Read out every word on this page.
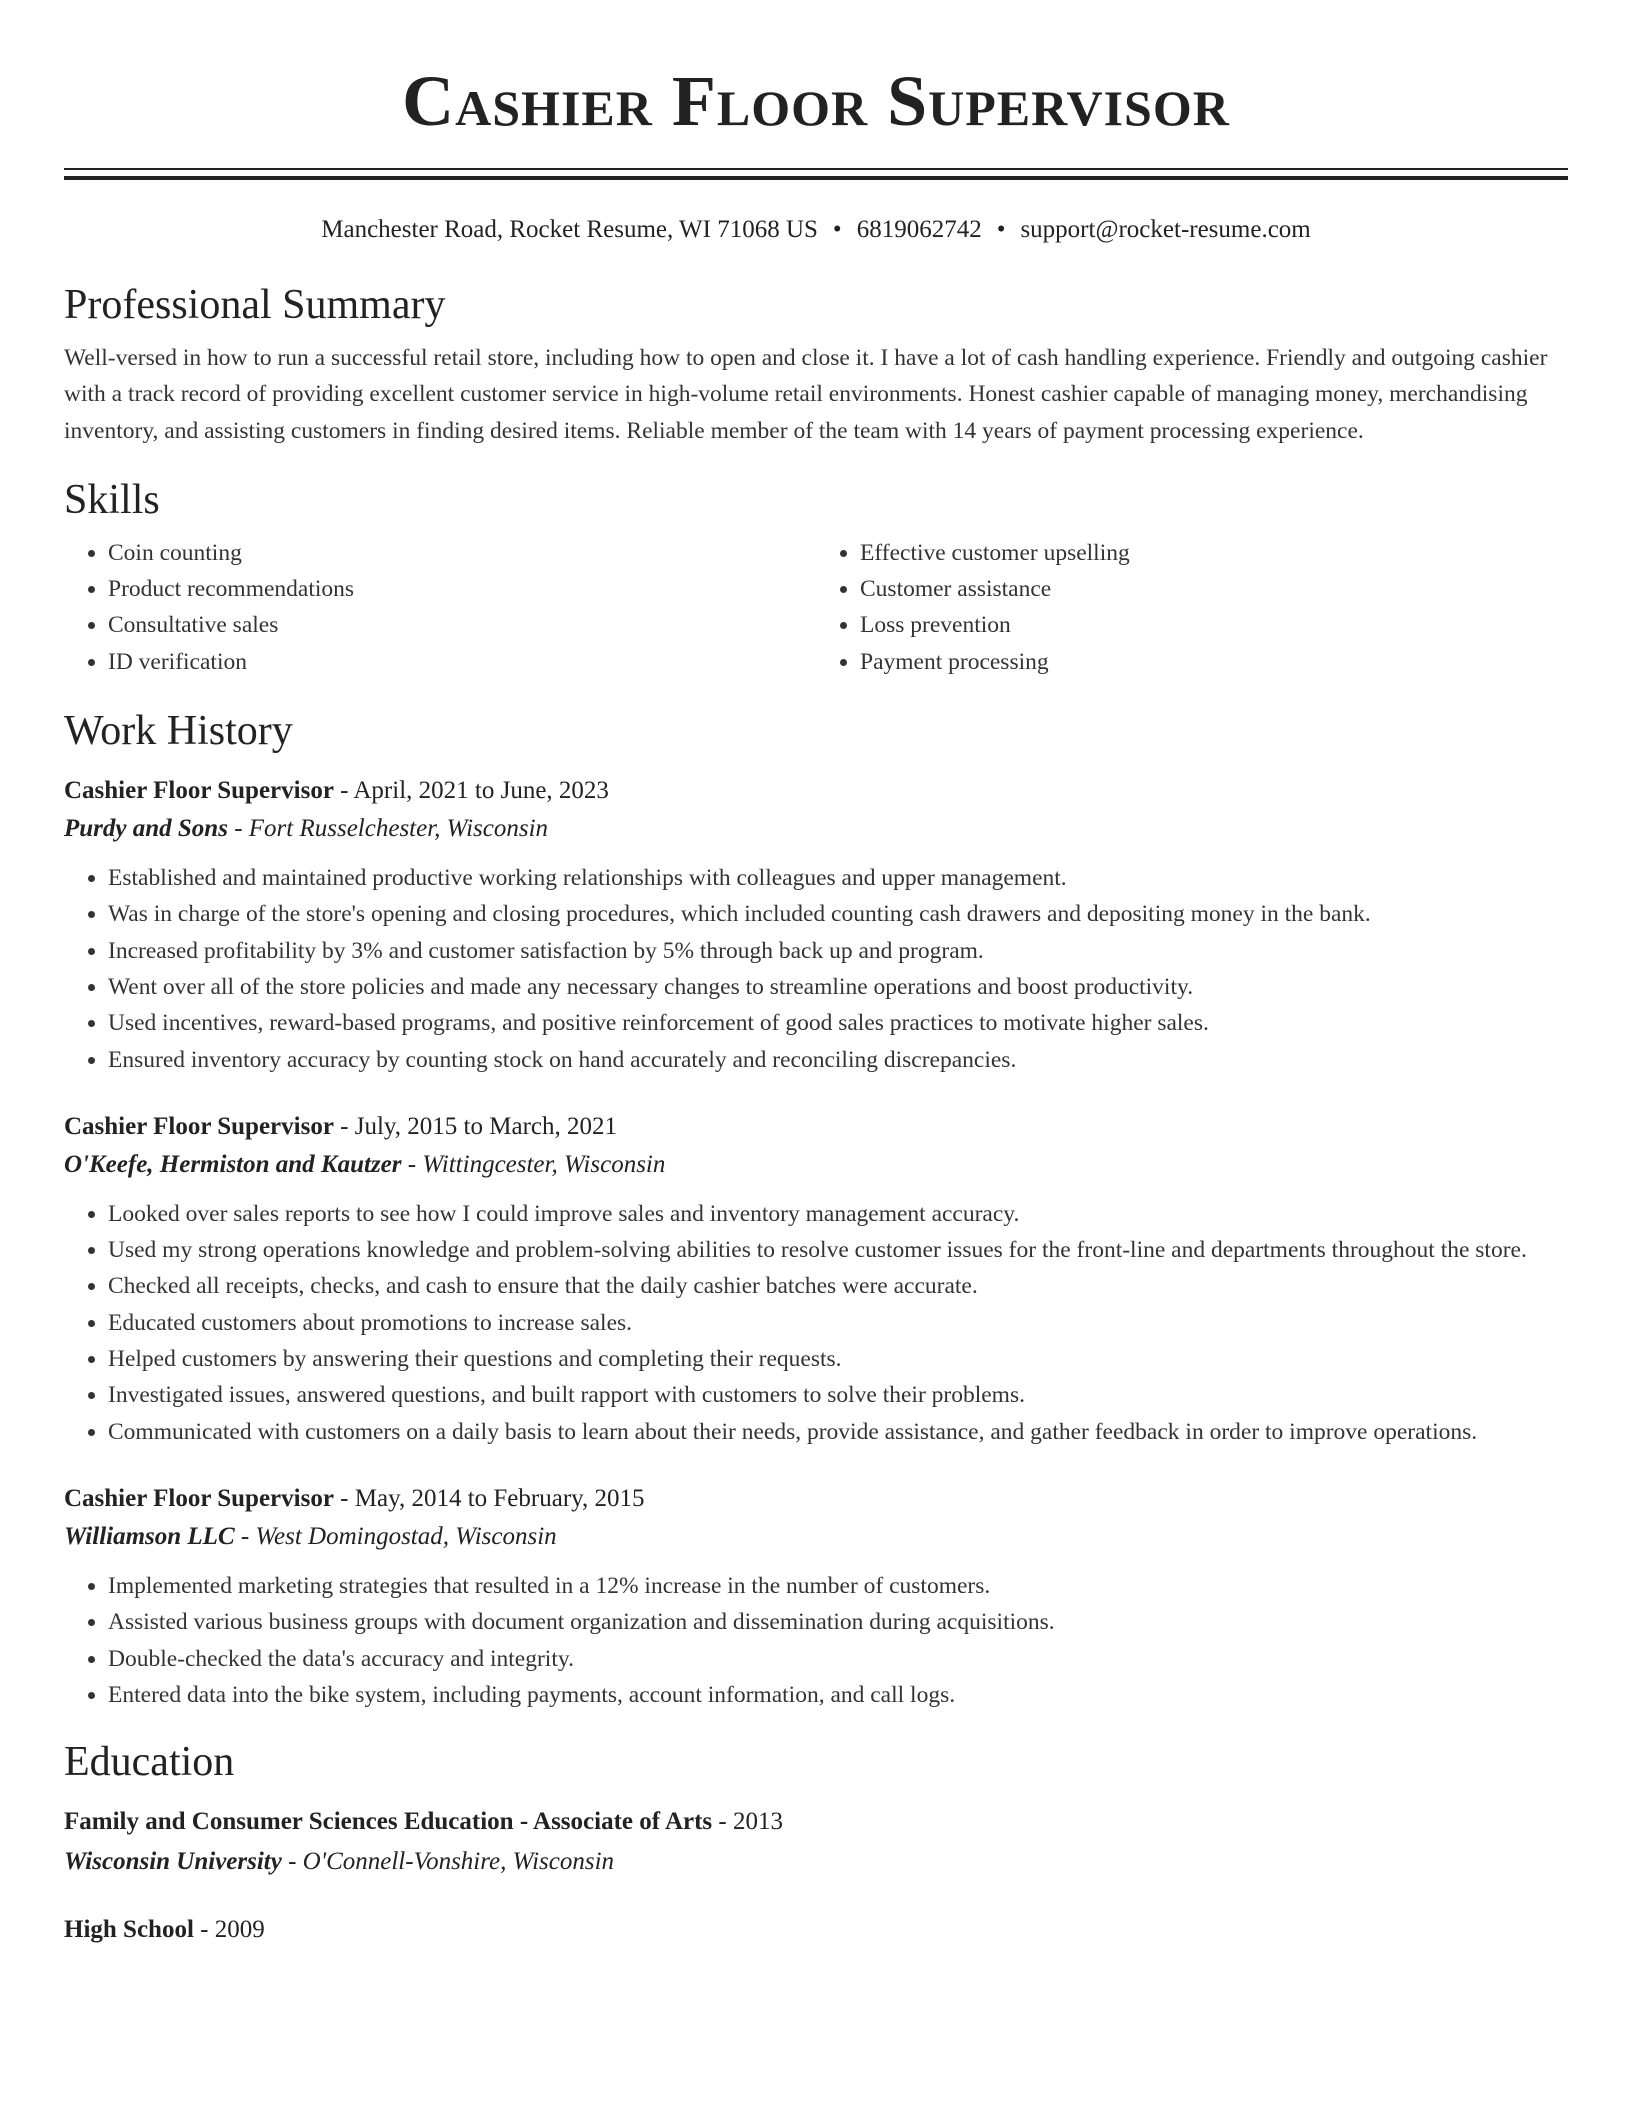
Cashier Floor Supervisor
Manchester Road, Rocket Resume, WI 71068 US • 6819062742 • support@rocket-resume.com
Professional Summary

Well-versed in how to run a successful retail store, including how to open and close it. I have a lot of cash handling experience. Friendly and outgoing cashier with a track record of providing excellent customer service in high-volume retail environments. Honest cashier capable of managing money, merchandising inventory, and assisting customers in finding desired items. Reliable member of the team with 14 years of payment processing experience.

Skills
• Coin counting
• Product recommendations
• Consultative sales
• ID verification
• Effective customer upselling
• Customer assistance
• Loss prevention
• Payment processing
Work History
Cashier Floor Supervisor - April, 2021 to June, 2023
Purdy and Sons - Fort Russelchester, Wisconsin
• Established and maintained productive working relationships with colleagues and upper management.
• Was in charge of the store's opening and closing procedures, which included counting cash drawers and depositing money in the bank.
• Increased profitability by 3% and customer satisfaction by 5% through back up and program.
• Went over all of the store policies and made any necessary changes to streamline operations and boost productivity.
• Used incentives, reward-based programs, and positive reinforcement of good sales practices to motivate higher sales.
• Ensured inventory accuracy by counting stock on hand accurately and reconciling discrepancies.
Cashier Floor Supervisor - July, 2015 to March, 2021
O'Keefe, Hermiston and Kautzer - Wittingcester, Wisconsin
• Looked over sales reports to see how I could improve sales and inventory management accuracy.
• Used my strong operations knowledge and problem-solving abilities to resolve customer issues for the front-line and departments throughout the store.
• Checked all receipts, checks, and cash to ensure that the daily cashier batches were accurate.
• Educated customers about promotions to increase sales.
• Helped customers by answering their questions and completing their requests.
• Investigated issues, answered questions, and built rapport with customers to solve their problems.
• Communicated with customers on a daily basis to learn about their needs, provide assistance, and gather feedback in order to improve operations.
Cashier Floor Supervisor - May, 2014 to February, 2015
Williamson LLC - West Domingostad, Wisconsin
• Implemented marketing strategies that resulted in a 12% increase in the number of customers.
• Assisted various business groups with document organization and dissemination during acquisitions.
• Double-checked the data's accuracy and integrity.
• Entered data into the bike system, including payments, account information, and call logs.
Education
Family and Consumer Sciences Education - Associate of Arts - 2013
Wisconsin University - O'Connell-Vonshire, Wisconsin
High School - 2009
